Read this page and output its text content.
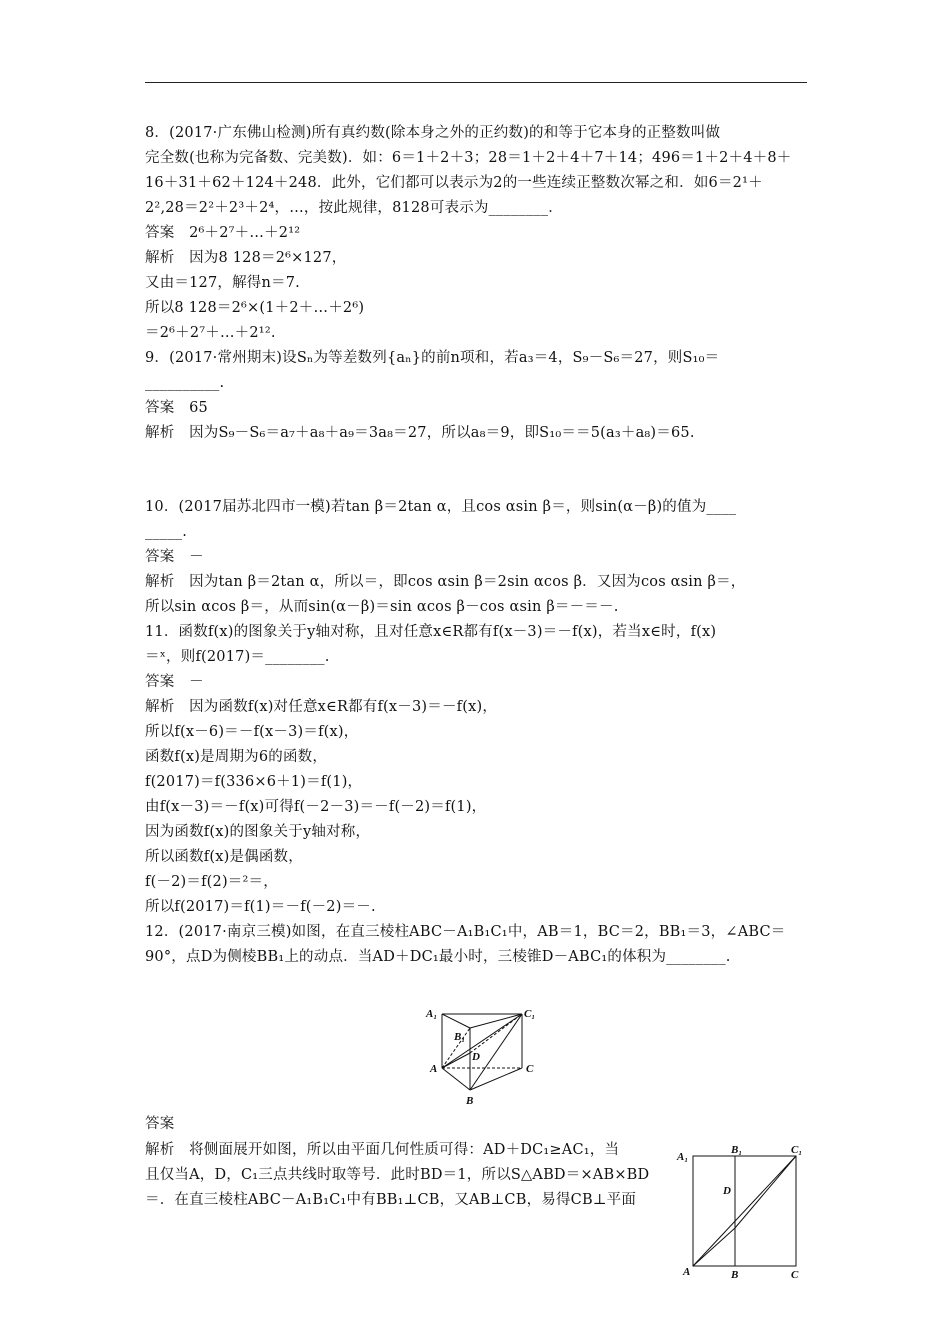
8．(2017·广东佛山检测)所有真约数(除本身之外的正约数)的和等于它本身的正整数叫做
完全数(也称为完备数、完美数)．如：6＝1＋2＋3；28＝1＋2＋4＋7＋14；496＝1＋2＋4＋8＋
16＋31＋62＋124＋248．此外，它们都可以表示为2的一些连续正整数次幂之和．如6＝2¹＋
2²,28＝2²＋2³＋2⁴，…，按此规律，8128可表示为________．
答案　2⁶＋2⁷＋…＋2¹²
解析　因为8 128＝2⁶×127，
又由＝127，解得n＝7.
所以8 128＝2⁶×(1＋2＋…＋2⁶)
＝2⁶＋2⁷＋…＋2¹².
9．(2017·常州期末)设Sₙ为等差数列{aₙ}的前n项和，若a₃＝4，S₉－S₆＝27，则S₁₀＝
__________.
答案　65
解析　因为S₉－S₆＝a₇＋a₈＋a₉＝3a₈＝27，所以a₈＝9，即S₁₀＝＝5(a₃＋a₈)＝65.
10．(2017届苏北四市一模)若tan β＝2tan α，且cos αsin β＝，则sin(α－β)的值为____
_____.
答案　－
解析　因为tan β＝2tan α，所以＝，即cos αsin β＝2sin αcos β．又因为cos αsin β＝，
所以sin αcos β＝，从而sin(α－β)＝sin αcos β－cos αsin β＝－＝－.
11．函数f(x)的图象关于y轴对称，且对任意x∈R都有f(x－3)＝－f(x)，若当x∈时，f(x)
＝ˣ，则f(2017)＝________.
答案　－
解析　因为函数f(x)对任意x∈R都有f(x－3)＝－f(x)，
所以f(x－6)＝－f(x－3)＝f(x)，
函数f(x)是周期为6的函数，
f(2017)＝f(336×6＋1)＝f(1)，
由f(x－3)＝－f(x)可得f(－2－3)＝－f(－2)＝f(1)，
因为函数f(x)的图象关于y轴对称，
所以函数f(x)是偶函数，
f(－2)＝f(2)＝²＝，
所以f(2017)＝f(1)＝－f(－2)＝－.
12．(2017·南京三模)如图，在直三棱柱ABC－A₁B₁C₁中，AB＝1，BC＝2，BB₁＝3，∠ABC＝
90°，点D为侧棱BB₁上的动点．当AD＋DC₁最小时，三棱锥D－ABC₁的体积为________.
A₁	C₁
B₁
D
A	C
B
答案
解析　将侧面展开如图，所以由平面几何性质可得：AD＋DC₁≥AC₁，当
且仅当A，D，C₁三点共线时取等号．此时BD＝1，所以S△ABD＝×AB×BD
＝．在直三棱柱ABC－A₁B₁C₁中有BB₁⊥CB，又AB⊥CB，易得CB⊥平面
A₁
B₁	C₁
D
A	B	C
